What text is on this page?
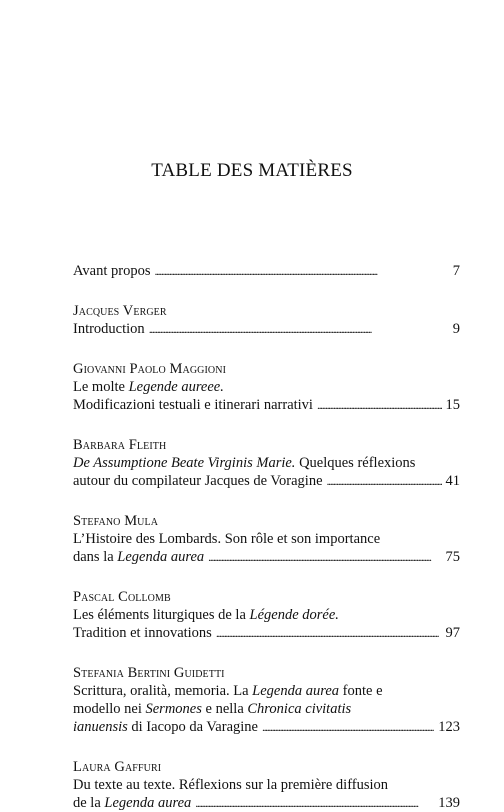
TABLE DES MATIÈRES
Avant propos . . .	7
Jacques Verger
Introduction . . .	9
Giovanni Paolo Maggioni
Le molte Legende aureee.
Modificazioni testuali e itinerari narrativi . . .	15
Barbara Fleith
De Assumptione Beate Virginis Marie. Quelques réflexions
autour du compilateur Jacques de Voragine . . .	41
Stefano Mula
L’Histoire des Lombards. Son rôle et son importance
dans la Legenda aurea . . .	75
Pascal Collomb
Les éléments liturgiques de la Légende dorée.
Tradition et innovations . . .	97
Stefania Bertini Guidetti
Scrittura, oralità, memoria. La Legenda aurea fonte e
modello nei Sermones e nella Chronica civitatis
ianuensis di Iacopo da Varagine . . .	123
Laura Gaffuri
Du texte au texte. Réflexions sur la première diffusion
de la Legenda aurea . . .	139
